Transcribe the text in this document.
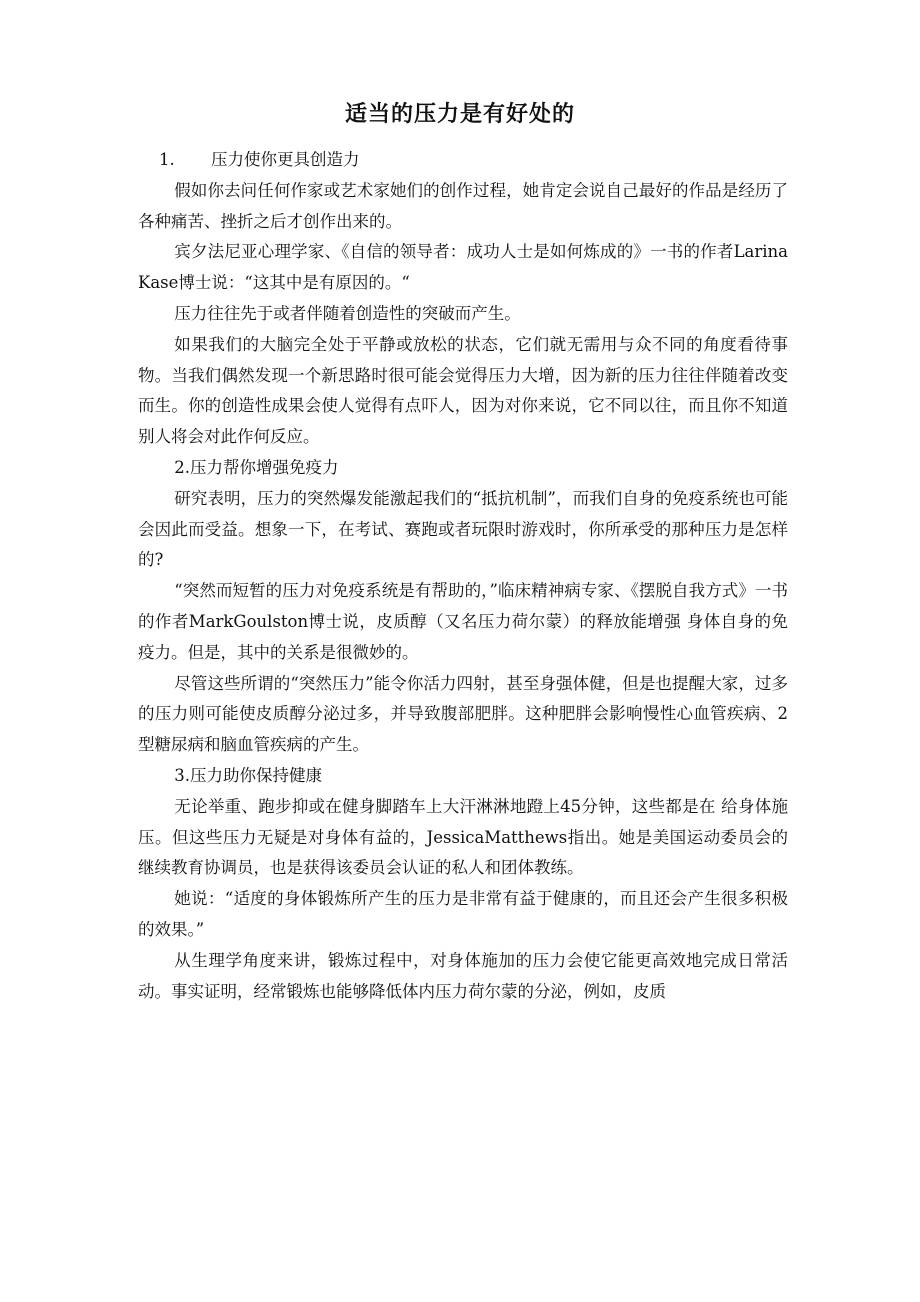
适当的压力是有好处的
1. 压力使你更具创造力

假如你去问任何作家或艺术家她们的创作过程，她肯定会说自己最好的作品是经历了各种痛苦、挫折之后才创作出来的。

宾夕法尼亚心理学家、《自信的领导者：成功人士是如何炼成的》一书的作者Larina Kase博士说：“这其中是有原因的。“

压力往往先于或者伴随着创造性的突破而产生。

如果我们的大脑完全处于平静或放松的状态，它们就无需用与众不同的角度看待事物。当我们偶然发现一个新思路时很可能会觉得压力大增，因为新的压力往往伴随着改变而生。你的创造性成果会使人觉得有点吓人，因为对你来说，它不同以往，而且你不知道别人将会对此作何反应。

2.压力帮你增强免疫力

研究表明，压力的突然爆发能激起我们的“抵抗机制”，而我们自身的免疫系统也可能会因此而受益。想象一下，在考试、赛跑或者玩限时游戏时，你所承受的那种压力是怎样的?

“突然而短暂的压力对免疫系统是有帮助的，”临床精神病专家、《摆脱自我方式》一书的作者MarkGoulston博士说，皮质醇（又名压力荷尔蒙）的释放能增强 身体自身的免疫力。但是，其中的关系是很微妙的。

尽管这些所谓的“突然压力”能令你活力四射，甚至身强体健，但是也提醒大家，过多的压力则可能使皮质醇分泌过多，并导致腹部肥胖。这种肥胖会影响慢性心血管疾病、2型糖尿病和脑血管疾病的产生。

3.压力助你保持健康

无论举重、跑步抑或在健身脚踏车上大汗淋淋地蹬上45分钟，这些都是在 给身体施压。但这些压力无疑是对身体有益的，JessicaMatthews指出。她是美国运动委员会的继续教育协调员，也是获得该委员会认证的私人和团体教练。

她说：“适度的身体锻炼所产生的压力是非常有益于健康的，而且还会产生很多积极的效果。”

从生理学角度来讲，锻炼过程中，对身体施加的压力会使它能更高效地完成日常活动。事实证明，经常锻炼也能够降低体内压力荷尔蒙的分泌，例如，皮质
